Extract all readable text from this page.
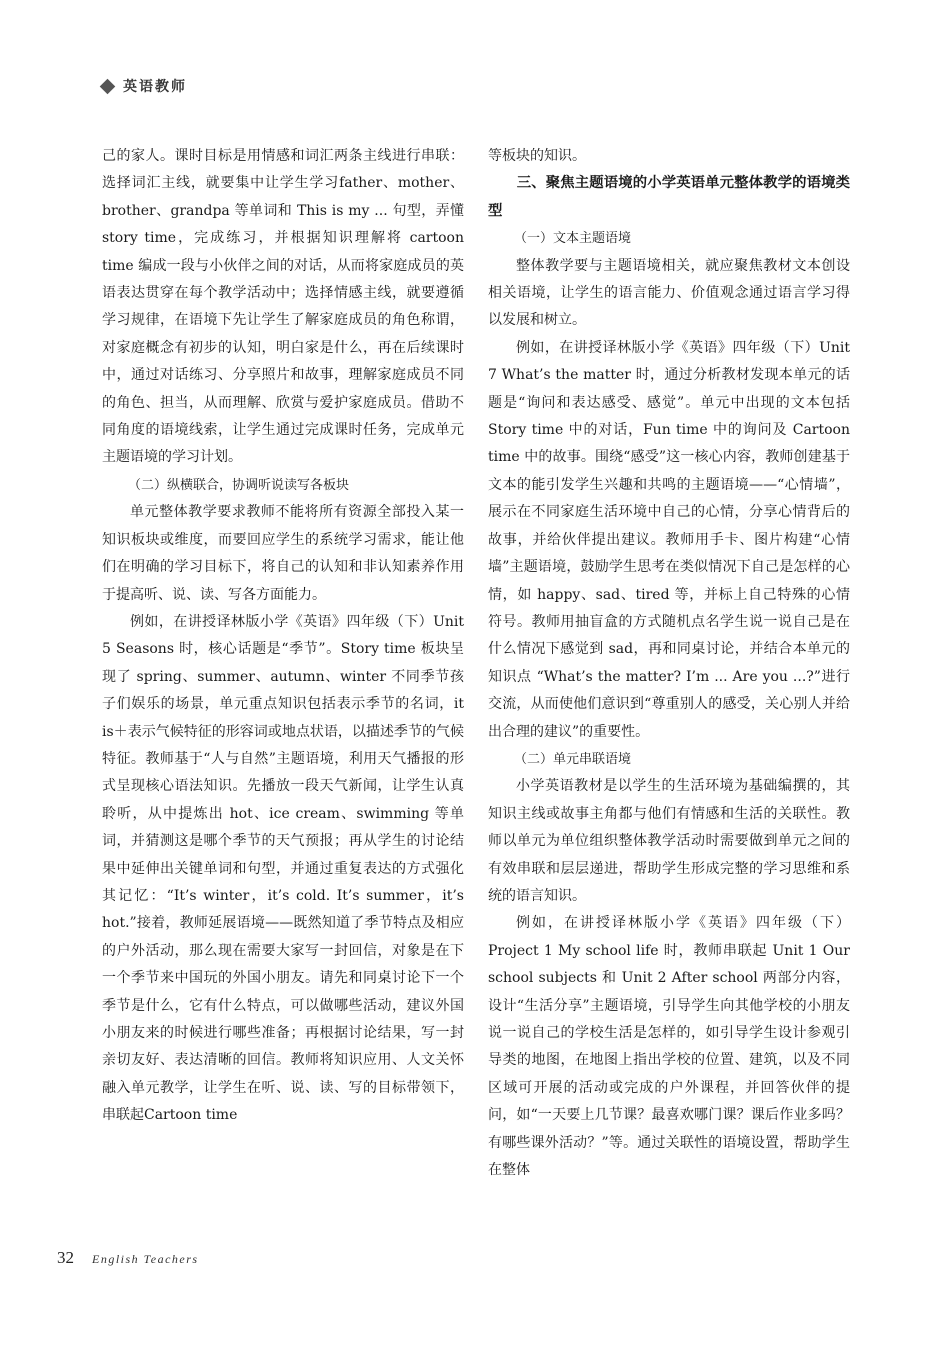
英语教师

己的家人。课时目标是用情感和词汇两条主线进行串联：选择词汇主线，就要集中让学生学习father、mother、brother、grandpa 等单词和 This is my ... 句型，弄懂 story time，完成练习，并根据知识理解将 cartoon time 编成一段与小伙伴之间的对话，从而将家庭成员的英语表达贯穿在每个教学活动中；选择情感主线，就要遵循学习规律，在语境下先让学生了解家庭成员的角色称谓，对家庭概念有初步的认知，明白家是什么，再在后续课时中，通过对话练习、分享照片和故事，理解家庭成员不同的角色、担当，从而理解、欣赏与爱护家庭成员。借助不同角度的语境线索，让学生通过完成课时任务，完成单元主题语境的学习计划。

（二）纵横联合，协调听说读写各板块

单元整体教学要求教师不能将所有资源全部投入某一知识板块或维度，而要回应学生的系统学习需求，能让他们在明确的学习目标下，将自己的认知和非认知素养作用于提高听、说、读、写各方面能力。

例如，在讲授译林版小学《英语》四年级（下）Unit 5 Seasons 时，核心话题是“季节”。Story time 板块呈现了 spring、summer、autumn、winter 不同季节孩子们娱乐的场景，单元重点知识包括表示季节的名词，it is＋表示气候特征的形容词或地点状语，以描述季节的气候特征。教师基于“人与自然”主题语境，利用天气播报的形式呈现核心语法知识。先播放一段天气新闻，让学生认真聆听，从中提炼出 hot、ice cream、swimming 等单词，并猜测这是哪个季节的天气预报；再从学生的讨论结果中延伸出关键单词和句型，并通过重复表达的方式强化其记忆：“It’s winter，it’s cold. It’s summer，it’s hot.”接着，教师延展语境——既然知道了季节特点及相应的户外活动，那么现在需要大家写一封回信，对象是在下一个季节来中国玩的外国小朋友。请先和同桌讨论下一个季节是什么，它有什么特点，可以做哪些活动，建议外国小朋友来的时候进行哪些准备；再根据讨论结果，写一封亲切友好、表达清晰的回信。教师将知识应用、人文关怀融入单元教学，让学生在听、说、读、写的目标带领下，串联起Cartoon time

等板块的知识。

三、聚焦主题语境的小学英语单元整体教学的语境类型
（一）文本主题语境

整体教学要与主题语境相关，就应聚焦教材文本创设相关语境，让学生的语言能力、价值观念通过语言学习得以发展和树立。

例如，在讲授译林版小学《英语》四年级（下）Unit 7 What’s the matter 时，通过分析教材发现本单元的话题是“询问和表达感受、感觉”。单元中出现的文本包括 Story time 中的对话，Fun time 中的询问及 Cartoon time 中的故事。围绕“感受”这一核心内容，教师创建基于文本的能引发学生兴趣和共鸣的主题语境——“心情墙”，展示在不同家庭生活环境中自己的心情，分享心情背后的故事，并给伙伴提出建议。教师用手卡、图片构建“心情墙”主题语境，鼓励学生思考在类似情况下自己是怎样的心情，如 happy、sad、tired 等，并标上自己特殊的心情符号。教师用抽盲盒的方式随机点名学生说一说自己是在什么情况下感觉到 sad，再和同桌讨论，并结合本单元的知识点 “What’s the matter? I’m ... Are you ...?”进行交流，从而使他们意识到“尊重别人的感受，关心别人并给出合理的建议”的重要性。

（二）单元串联语境

小学英语教材是以学生的生活环境为基础编撰的，其知识主线或故事主角都与他们有情感和生活的关联性。教师以单元为单位组织整体教学活动时需要做到单元之间的有效串联和层层递进，帮助学生形成完整的学习思维和系统的语言知识。

例如，在讲授译林版小学《英语》四年级（下）Project 1 My school life 时，教师串联起 Unit 1 Our school subjects 和 Unit 2 After school 两部分内容，设计“生活分享”主题语境，引导学生向其他学校的小朋友说一说自己的学校生活是怎样的，如引导学生设计参观引导类的地图，在地图上指出学校的位置、建筑，以及不同区域可开展的活动或完成的户外课程，并回答伙伴的提问，如“一天要上几节课？最喜欢哪门课？课后作业多吗？有哪些课外活动？”等。通过关联性的语境设置，帮助学生在整体

32 English Teachers
